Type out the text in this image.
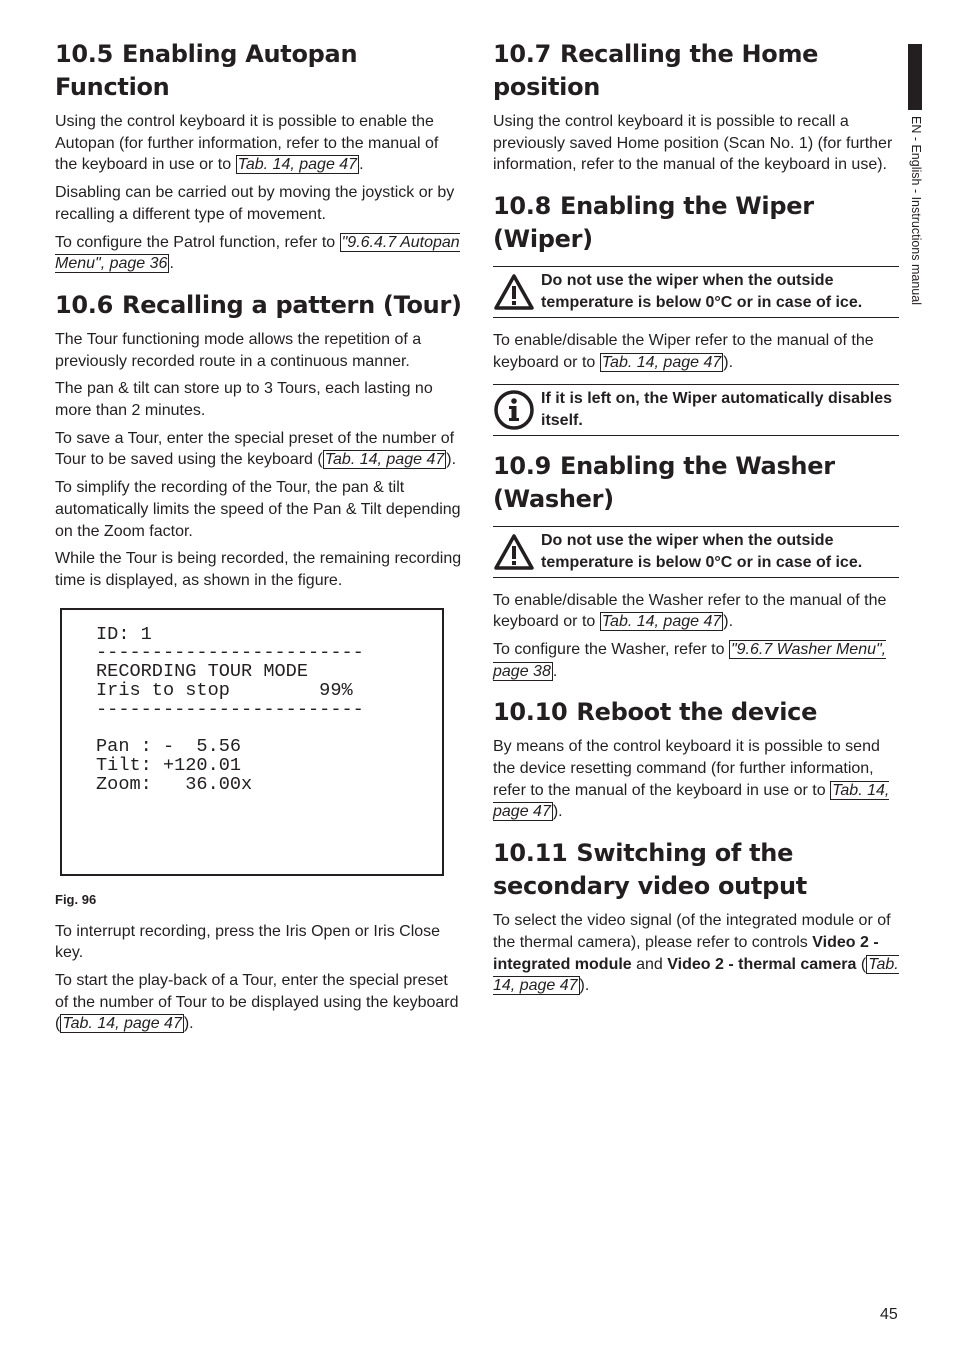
EN - English - Instructions manual
10.5 Enabling Autopan Function

Using the control keyboard it is possible to enable the Autopan (for further information, refer to the manual of the keyboard in use or to Tab. 14, page 47 .

Disabling can be carried out by moving the joystick or by recalling a different type of movement.

To configure the Patrol function, refer to "9.6.4.7 Autopan Menu", page 36 .

10.6 Recalling a pattern (Tour)

The Tour functioning mode allows the repetition of a previously recorded route in a continuous manner.

The pan & tilt can store up to 3 Tours, each lasting no more than 2 minutes.

To save a Tour, enter the special preset of the number of Tour to be saved using the keyboard ( Tab. 14, page 47 ).

To simplify the recording of the Tour, the pan & tilt automatically limits the speed of the Pan & Tilt depending on the Zoom factor.

While the Tour is being recorded, the remaining recording time is displayed, as shown in the figure.

ID: 1
------------------------
RECORDING TOUR MODE
Iris to stop        99%
------------------------

Pan : -  5.56
Tilt: +120.01
Zoom:   36.00x
Fig. 96

To interrupt recording, press the Iris Open or Iris Close key.

To start the play-back of a Tour, enter the special preset of the number of Tour to be displayed using the keyboard ( Tab. 14, page 47 ).

10.7 Recalling the Home position

Using the control keyboard it is possible to recall a previously saved Home position (Scan No. 1) (for further information, refer to the manual of the keyboard in use).

10.8 Enabling the Wiper (Wiper)
Do not use the wiper when the outside temperature is below 0°C or in case of ice.

To enable/disable the Wiper refer to the manual of the keyboard or to Tab. 14, page 47 ).

If it is left on, the Wiper automatically disables itself.
10.9 Enabling the Washer (Washer)
Do not use the wiper when the outside temperature is below 0°C or in case of ice.

To enable/disable the Washer refer to the manual of the keyboard or to Tab. 14, page 47 ).

To configure the Washer, refer to "9.6.7 Washer Menu", page 38 .

10.10 Reboot the device

By means of the control keyboard it is possible to send the device resetting command (for further information, refer to the manual of the keyboard in use or to Tab. 14, page 47 ).

10.11 Switching of the secondary video output

To select the video signal (of the integrated module or of the thermal camera), please refer to controls Video 2 - integrated module and Video 2 - thermal camera ( Tab. 14, page 47 ).

45
